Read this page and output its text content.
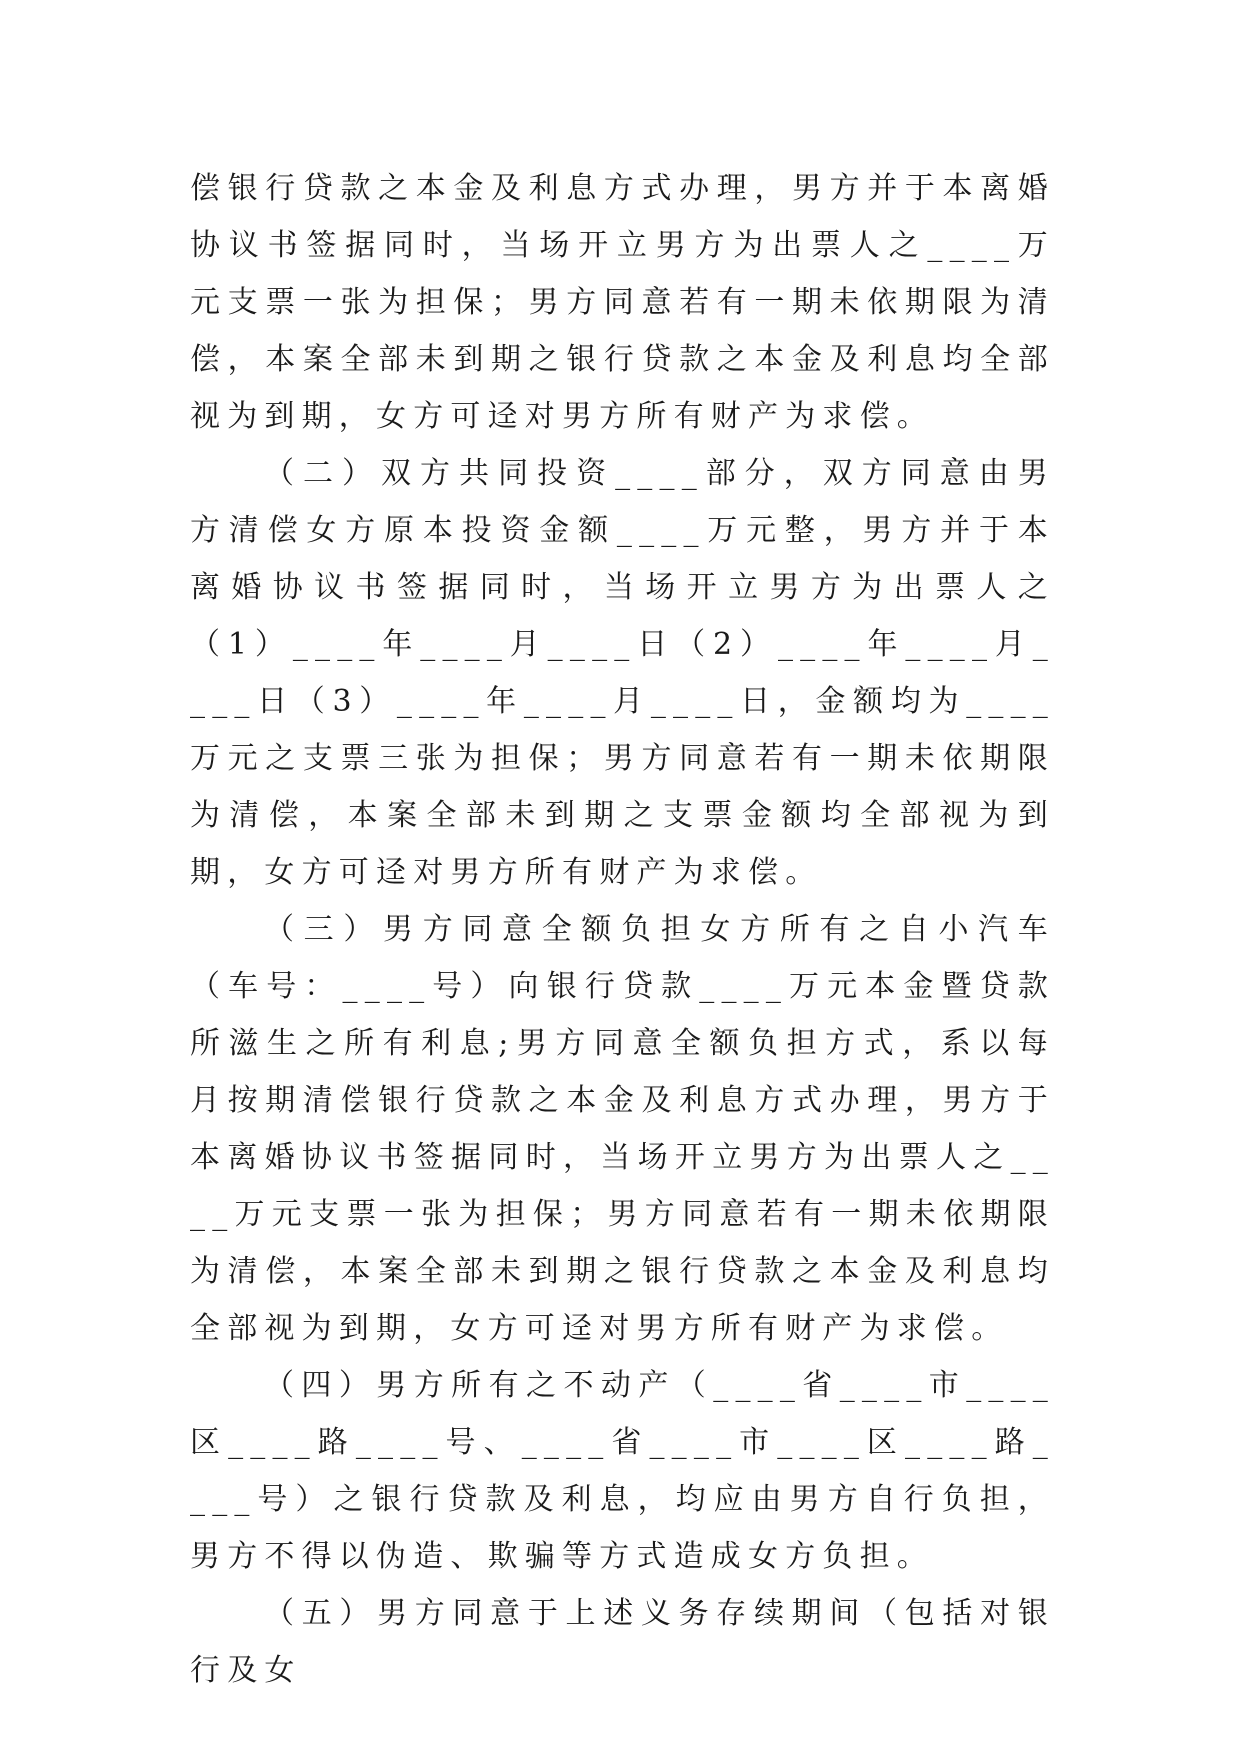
偿银行贷款之本金及利息方式办理，男方并于本离婚协议书签据同时，当场开立男方为出票人之____万元支票一张为担保；男方同意若有一期未依期限为清偿，本案全部未到期之银行贷款之本金及利息均全部视为到期，女方可迳对男方所有财产为求偿。

（二）双方共同投资____部分，双方同意由男方清偿女方原本投资金额____万元整，男方并于本离婚协议书签据同时，当场开立男方为出票人之（1）____年____月____日（2）____年____月____日（3）____年____月____日，金额均为____万元之支票三张为担保；男方同意若有一期未依期限为清偿，本案全部未到期之支票金额均全部视为到期，女方可迳对男方所有财产为求偿。

（三）男方同意全额负担女方所有之自小汽车（车号：____号）向银行贷款____万元本金暨贷款所滋生之所有利息;男方同意全额负担方式，系以每月按期清偿银行贷款之本金及利息方式办理，男方于本离婚协议书签据同时，当场开立男方为出票人之____万元支票一张为担保；男方同意若有一期未依期限为清偿，本案全部未到期之银行贷款之本金及利息均全部视为到期，女方可迳对男方所有财产为求偿。

（四）男方所有之不动产（____省____市____区____路____号、____省____市____区____路____号）之银行贷款及利息，均应由男方自行负担，男方不得以伪造、欺骗等方式造成女方负担。

（五）男方同意于上述义务存续期间（包括对银行及女
